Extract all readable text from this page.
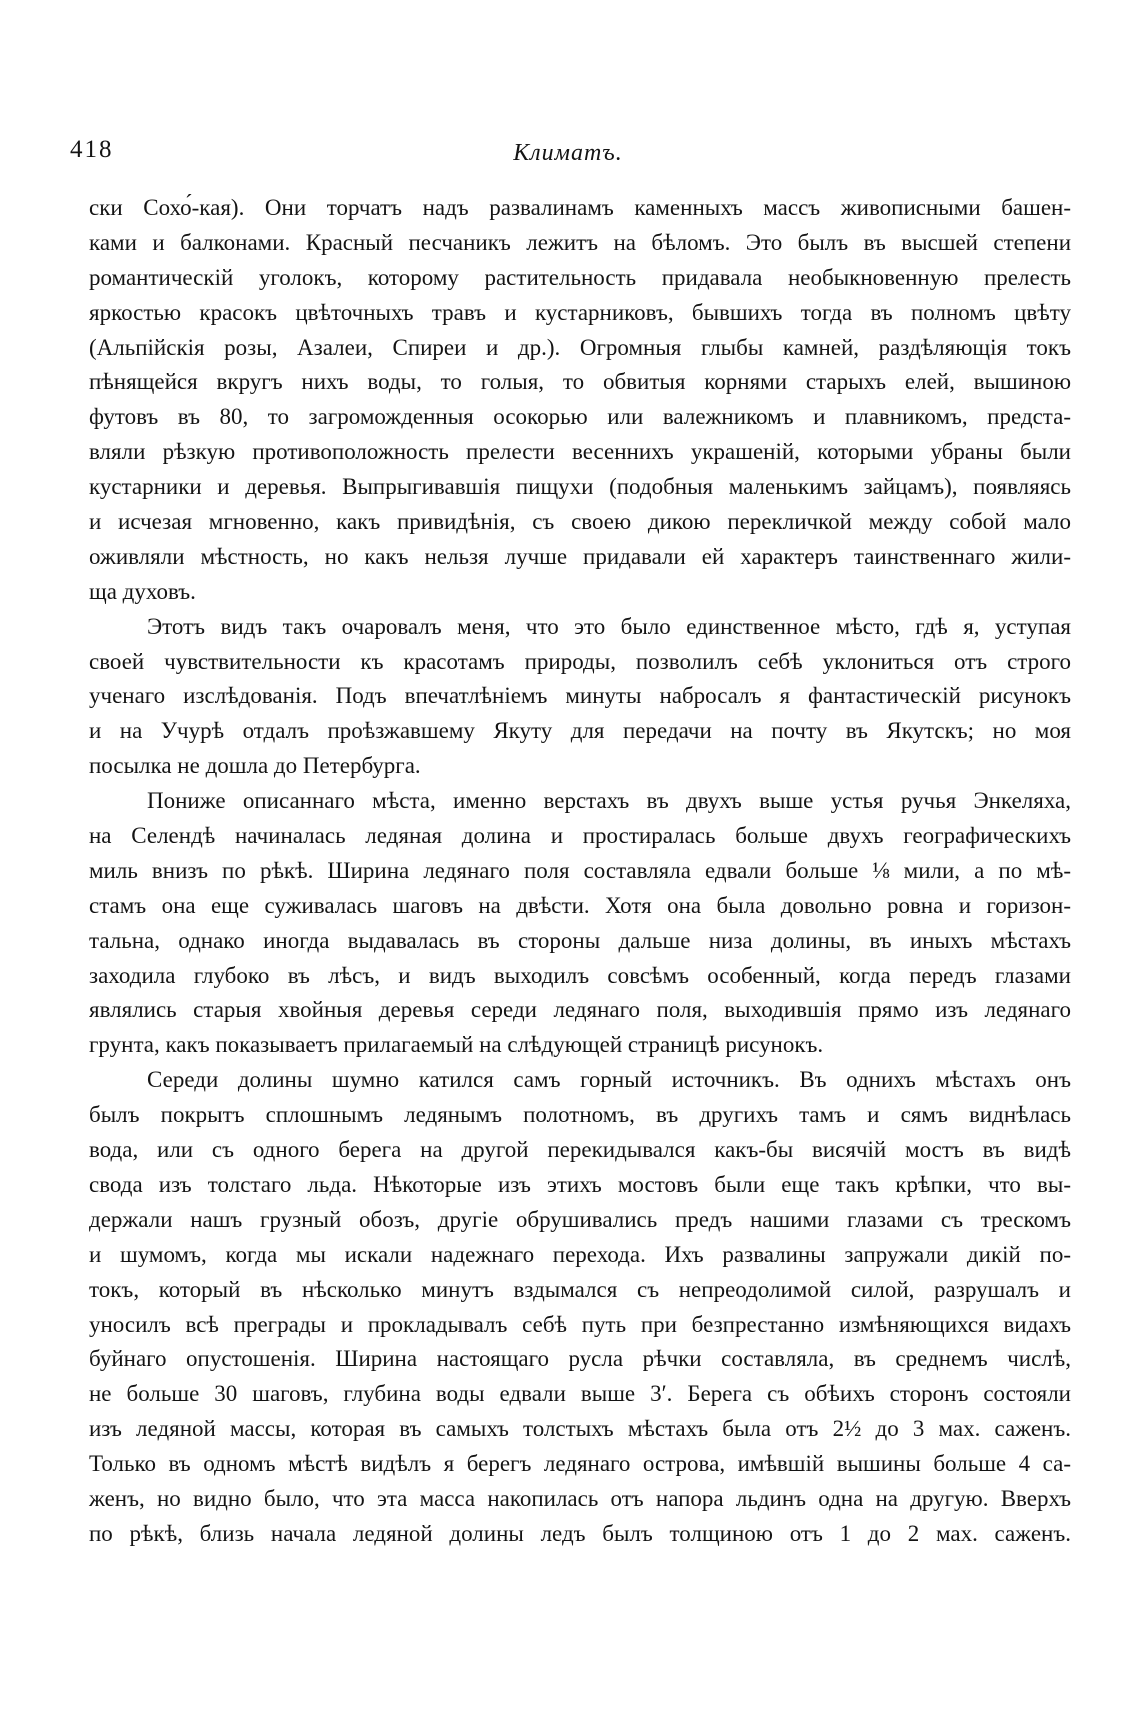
418	Климатъ.
ски Сохо́-кая). Они торчатъ надъ развалинамъ каменныхъ массъ живописными башен-
ками и балконами. Красный песчаникъ лежитъ на бѣломъ. Это былъ въ высшей степени
романтическій уголокъ, которому растительность придавала необыкновенную прелесть
яркостью красокъ цвѣточныхъ травъ и кустарниковъ, бывшихъ тогда въ полномъ цвѣту
(Альпійскія розы, Азалеи, Спиреи и др.). Огромныя глыбы камней, раздѣляющія токъ
пѣнящейся вкругъ нихъ воды, то голыя, то обвитыя корнями старыхъ елей, вышиною
футовъ въ 80, то загроможденныя осокорью или валежникомъ и плавникомъ, предста-
вляли рѣзкую противоположность прелести весеннихъ украшеній, которыми убраны были
кустарники и деревья. Выпрыгивавшія пищухи (подобныя маленькимъ зайцамъ), появляясь
и исчезая мгновенно, какъ привидѣнія, съ своею дикою перекличкой между собой мало
оживляли мѣстность, но какъ нельзя лучше придавали ей характеръ таинственнаго жили-
ща духовъ.
Этотъ видъ такъ очаровалъ меня, что это было единственное мѣсто, гдѣ я, уступая
своей чувствительности къ красотамъ природы, позволилъ себѣ уклониться отъ строго
ученаго изслѣдованія. Подъ впечатлѣніемъ минуты набросалъ я фантастическій рисунокъ
и на Учурѣ отдалъ проѣзжавшему Якуту для передачи на почту въ Якутскъ; но моя
посылка не дошла до Петербурга.
Пониже описаннаго мѣста, именно верстахъ въ двухъ выше устья ручья Энкеляха,
на Селендѣ начиналась ледяная долина и простиралась больше двухъ географическихъ
миль внизъ по рѣкѣ. Ширина ледянаго поля составляла едвали больше ⅛ мили, а по мѣ-
стамъ она еще суживалась шаговъ на двѣсти. Хотя она была довольно ровна и горизон-
тальна, однако иногда выдавалась въ стороны дальше низа долины, въ иныхъ мѣстахъ
заходила глубоко въ лѣсъ, и видъ выходилъ совсѣмъ особенный, когда передъ глазами
являлись старыя хвойныя деревья середи ледянаго поля, выходившія прямо изъ ледянаго
грунта, какъ показываетъ прилагаемый на слѣдующей страницѣ рисунокъ.
Середи долины шумно катился самъ горный источникъ. Въ однихъ мѣстахъ онъ
былъ покрытъ сплошнымъ ледянымъ полотномъ, въ другихъ тамъ и сямъ виднѣлась
вода, или съ одного берега на другой перекидывался какъ-бы висячій мостъ въ видѣ
свода изъ толстаго льда. Нѣкоторые изъ этихъ мостовъ были еще такъ крѣпки, что вы-
держали нашъ грузный обозъ, другіе обрушивались предъ нашими глазами съ трескомъ
и шумомъ, когда мы искали надежнаго перехода. Ихъ развалины запружали дикій по-
токъ, который въ нѣсколько минутъ вздымался съ непреодолимой силой, разрушалъ и
уносилъ всѣ преграды и прокладывалъ себѣ путь при безпрестанно измѣняющихся видахъ
буйнаго опустошенія. Ширина настоящаго русла рѣчки составляла, въ среднемъ числѣ,
не больше 30 шаговъ, глубина воды едвали выше 3′. Берега съ обѣихъ сторонъ состояли
изъ ледяной массы, которая въ самыхъ толстыхъ мѣстахъ была отъ 2½ до 3 мах. саженъ.
Только въ одномъ мѣстѣ видѣлъ я берегъ ледянаго острова, имѣвшій вышины больше 4 са-
женъ, но видно было, что эта масса накопилась отъ напора льдинъ одна на другую. Вверхъ
по рѣкѣ, близь начала ледяной долины ледъ былъ толщиною отъ 1 до 2 мах. саженъ.
